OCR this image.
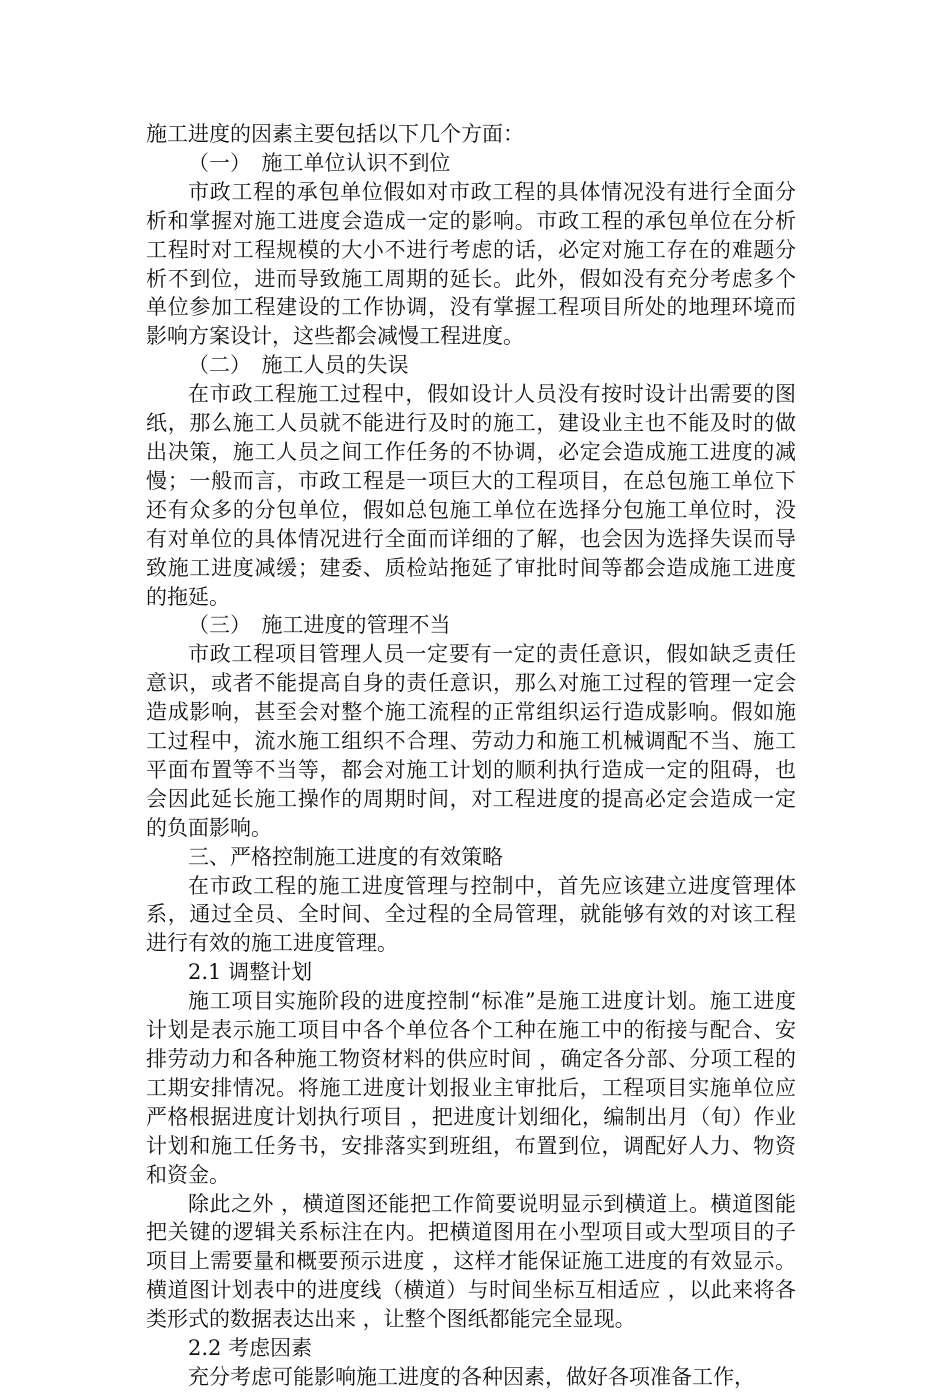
施工进度的因素主要包括以下几个方面：

（一）　施工单位认识不到位

市政工程的承包单位假如对市政工程的具体情况没有进行全面分析和掌握对施工进度会造成一定的影响。市政工程的承包单位在分析工程时对工程规模的大小不进行考虑的话，必定对施工存在的难题分析不到位，进而导致施工周期的延长。此外，假如没有充分考虑多个单位参加工程建设的工作协调，没有掌握工程项目所处的地理环境而影响方案设计，这些都会减慢工程进度。

（二）　施工人员的失误

在市政工程施工过程中，假如设计人员没有按时设计出需要的图纸，那么施工人员就不能进行及时的施工，建设业主也不能及时的做出决策，施工人员之间工作任务的不协调，必定会造成施工进度的减慢；一般而言，市政工程是一项巨大的工程项目，在总包施工单位下还有众多的分包单位，假如总包施工单位在选择分包施工单位时，没有对单位的具体情况进行全面而详细的了解，也会因为选择失误而导致施工进度减缓；建委、质检站拖延了审批时间等都会造成施工进度的拖延。

（三）　施工进度的管理不当

市政工程项目管理人员一定要有一定的责任意识，假如缺乏责任意识，或者不能提高自身的责任意识，那么对施工过程的管理一定会造成影响，甚至会对整个施工流程的正常组织运行造成影响。假如施工过程中，流水施工组织不合理、劳动力和施工机械调配不当、施工平面布置等不当等，都会对施工计划的顺利执行造成一定的阻碍，也会因此延长施工操作的周期时间，对工程进度的提高必定会造成一定的负面影响。

三、严格控制施工进度的有效策略

在市政工程的施工进度管理与控制中，首先应该建立进度管理体系，通过全员、全时间、全过程的全局管理，就能够有效的对该工程进行有效的施工进度管理。

2.1 调整计划

施工项目实施阶段的进度控制“标准”是施工进度计划。施工进度计划是表示施工项目中各个单位各个工种在施工中的衔接与配合、安排劳动力和各种施工物资材料的供应时间 ，确定各分部、分项工程的工期安排情况。将施工进度计划报业主审批后，工程项目实施单位应严格根据进度计划执行项目 ，把进度计划细化，编制出月（旬）作业计划和施工任务书，安排落实到班组，布置到位，调配好人力、物资和资金。

除此之外 ，横道图还能把工作简要说明显示到横道上。横道图能把关键的逻辑关系标注在内。把横道图用在小型项目或大型项目的子项目上需要量和概要预示进度 ，这样才能保证施工进度的有效显示。横道图计划表中的进度线（横道）与时间坐标互相适应 ，以此来将各类形式的数据表达出来 ，让整个图纸都能完全显现。

2.2 考虑因素

充分考虑可能影响施工进度的各种因素，做好各项准备工作，
